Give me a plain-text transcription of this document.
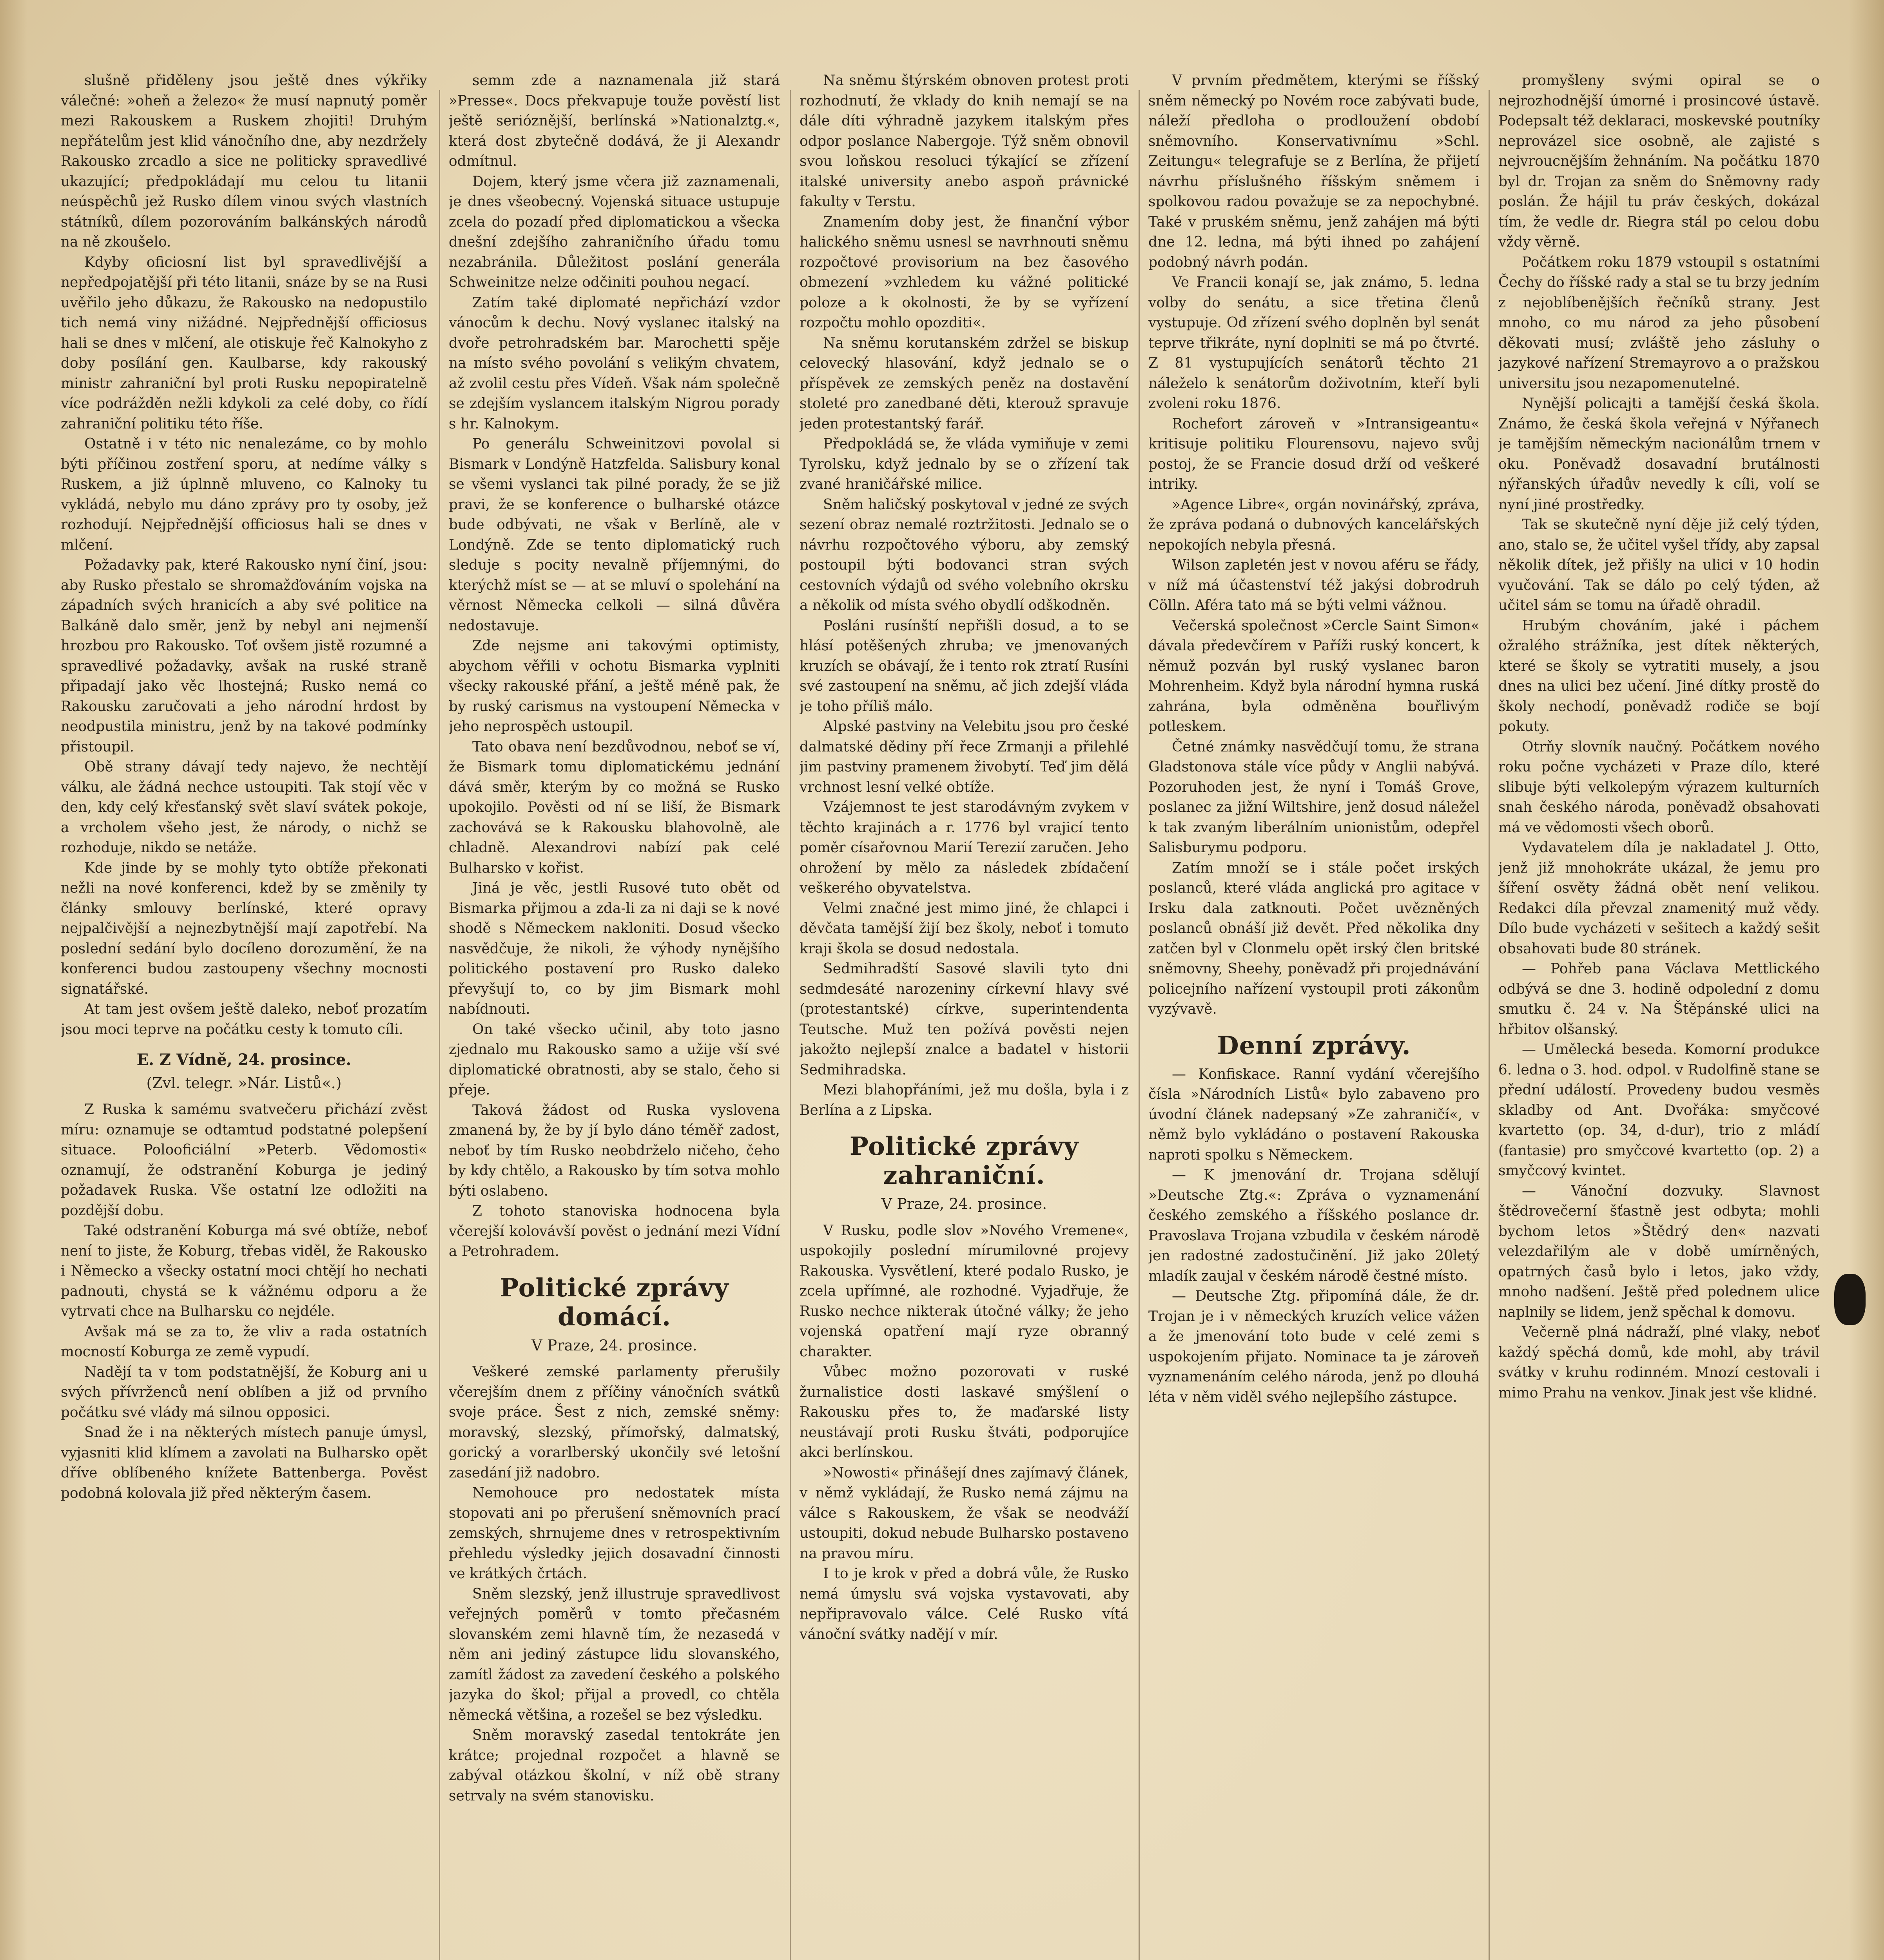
slušně přiděleny jsou ještě dnes výkřiky válečné: »oheň a železo« že musí napnutý poměr mezi Rakouskem a Ruskem zhojiti! Druhým nepřátelům jest klid vánočního dne, aby nezdržely Rakousko zrcadlo a sice ne politicky spravedlivé ukazující; předpokládají mu celou tu litanii neúspěchů jež Rusko dílem vinou svých vlastních státníků, dílem pozorováním balkánských národů na ně zkoušelo.

Kdyby oficiosní list byl spravedlivější a nepředpojatější při této litanii, snáze by se na Rusi uvěřilo jeho důkazu, že Rakousko na nedopustilo tich nemá viny nižádné. Nejpřednější officiosus hali se dnes v mlčení, ale otiskuje řeč Kalnokyho z doby posílání gen. Kaulbarse, kdy rakouský ministr zahraniční byl proti Rusku nepopiratelně více podrážděn nežli kdykoli za celé doby, co řídí zahraniční politiku této říše.

Ostatně i v této nic nenalezáme, co by mohlo býti příčinou zostření sporu, at nedíme války s Ruskem, a již úplnně mluveno, co Kalnoky tu vykládá, nebylo mu dáno zprávy pro ty osoby, jež rozhodují. Nejpřednější officiosus hali se dnes v mlčení.

Požadavky pak, které Rakousko nyní činí, jsou: aby Rusko přestalo se shromažďováním vojska na západních svých hranicích a aby své politice na Balkáně dalo směr, jenž by nebyl ani nejmenší hrozbou pro Rakousko. Toť ovšem jistě rozumné a spravedlivé požadavky, avšak na ruské straně připadají jako věc lhostejná; Rusko nemá co Rakousku zaručovati a jeho národní hrdost by neodpustila ministru, jenž by na takové podmínky přistoupil.

Obě strany dávají tedy najevo, že nechtějí válku, ale žádná nechce ustoupiti. Tak stojí věc v den, kdy celý křesťanský svět slaví svátek pokoje, a vrcholem všeho jest, že národy, o nichž se rozhoduje, nikdo se netáže.

Kde jinde by se mohly tyto obtíže překonati nežli na nové konferenci, kdež by se změnily ty články smlouvy berlínské, které opravy nejpalčivější a nejnezbytnější mají zapotřebí. Na poslední sedání bylo docíleno dorozumění, že na konferenci budou zastoupeny všechny mocnosti signatářské.

At tam jest ovšem ještě daleko, neboť prozatím jsou moci teprve na počátku cesty k tomuto cíli.

E. Z Vídně, 24. prosince.
(Zvl. telegr. »Nár. Listů«.)

Z Ruska k samému svatvečeru přichází zvěst míru: oznamuje se odtamtud podstatné polepšení situace. Polooficiální »Peterb. Vědomosti« oznamují, že odstranění Koburga je jediný požadavek Ruska. Vše ostatní lze odložiti na pozdější dobu.

Také odstranění Koburga má své obtíže, neboť není to jiste, že Koburg, třebas viděl, že Rakousko i Německo a všecky ostatní moci chtějí ho nechati padnouti, chystá se k vážnému odporu a že vytrvati chce na Bulharsku co nejdéle.

Avšak má se za to, že vliv a rada ostatních mocností Koburga ze země vypudí.

Nadějí ta v tom podstatnější, že Koburg ani u svých přívrženců není oblíben a již od prvního počátku své vlády má silnou opposici.

Snad že i na některých místech panuje úmysl, vyjasniti klid klímem a zavolati na Bulharsko opět dříve oblíbeného knížete Battenberga. Pověst podobná kolovala již před některým časem.

semm zde a naznamenala již stará »Presse«. Docs překvapuje touže pověstí list ještě serióznější, berlínská »Nationalztg.«, která dost zbytečně dodává, že ji Alexandr odmítnul.

Dojem, který jsme včera již zaznamenali, je dnes všeobecný. Vojenská situace ustupuje zcela do pozadí před diplomatickou a všecka dnešní zdejšího zahraničního úřadu tomu nezabránila. Důležitost poslání generála Schweinitze nelze odčiniti pouhou negací.

Zatím také diplomaté nepřichází vzdor vánocům k dechu. Nový vyslanec italský na dvoře petrohradském bar. Marochetti spěje na místo svého povolání s velikým chvatem, až zvolil cestu přes Vídeň. Však nám společně se zdejším vyslancem italským Nigrou porady s hr. Kalnokym.

Po generálu Schweinitzovi povolal si Bismark v Londýně Hatzfelda. Salisbury konal se všemi vyslanci tak pilné porady, že se již pravi, že se konference o bulharské otázce bude odbývati, ne však v Berlíně, ale v Londýně. Zde se tento diplomatický ruch sleduje s pocity nevalně příjemnými, do kterýchž míst se — at se mluví o spolehání na věrnost Německa celkoli — silná důvěra nedostavuje.

Zde nejsme ani takovými optimisty, abychom věřili v ochotu Bismarka vyplniti všecky rakouské přání, a ještě méně pak, že by ruský carismus na vystoupení Německa v jeho neprospěch ustoupil.

Tato obava není bezdůvodnou, neboť se ví, že Bismark tomu diplomatickému jednání dává směr, kterým by co možná se Rusko upokojilo. Pověsti od ní se liší, že Bismark zachovává se k Rakousku blahovolně, ale chladně. Alexandrovi nabízí pak celé Bulharsko v kořist.

Jiná je věc, jestli Rusové tuto obět od Bismarka přijmou a zda-li za ni daji se k nové shodě s Německem nakloniti. Dosud všecko nasvědčuje, že nikoli, že výhody nynějšího politického postavení pro Rusko daleko převyšují to, co by jim Bismark mohl nabídnouti.

On také všecko učinil, aby toto jasno zjednalo mu Rakousko samo a užije vší své diplomatické obratnosti, aby se stalo, čeho si přeje.

Taková žádost od Ruska vyslovena zmanená by, že by jí bylo dáno téměř zadost, neboť by tím Rusko neobdrželo ničeho, čeho by kdy chtělo, a Rakousko by tím sotva mohlo býti oslabeno.

Z tohoto stanoviska hodnocena byla včerejší kolovávší pověst o jednání mezi Vídní a Petrohradem.

Politické zprávy domácí.
V Praze, 24. prosince.

Veškeré zemské parlamenty přerušily včerejším dnem z příčiny vánočních svátků svoje práce. Šest z nich, zemské sněmy: moravský, slezský, přímořský, dalmatský, gorický a vorarlberský ukončily své letošní zasedání již nadobro.

Nemohouce pro nedostatek místa stopovati ani po přerušení sněmovních prací zemských, shrnujeme dnes v retrospektivním přehledu výsledky jejich dosavadní činnosti ve krátkých črtách.

Sněm slezský, jenž illustruje spravedlivost veřejných poměrů v tomto přečasném slovanském zemi hlavně tím, že nezasedá v něm ani jediný zástupce lidu slovanského, zamítl žádost za zavedení českého a polského jazyka do škol; přijal a provedl, co chtěla německá většina, a rozešel se bez výsledku.

Sněm moravský zasedal tentokráte jen krátce; projednal rozpočet a hlavně se zabýval otázkou školní, v níž obě strany setrvaly na svém stanovisku.

Na sněmu štýrském obnoven protest proti rozhodnutí, že vklady do knih nemají se na dále díti výhradně jazykem italským přes odpor poslance Nabergoje. Týž sněm obnovil svou loňskou resoluci týkající se zřízení italské university anebo aspoň právnické fakulty v Terstu.

Znamením doby jest, že finanční výbor halického sněmu usnesl se navrhnouti sněmu rozpočtové provisorium na bez časového obmezení »vzhledem ku vážné politické poloze a k okolnosti, že by se vyřízení rozpočtu mohlo opozditi«.

Na sněmu korutanském zdržel se biskup celovecký hlasování, když jednalo se o příspěvek ze zemských peněz na dostavění stoleté pro zanedbané děti, kterouž spravuje jeden protestantský farář.

Předpokládá se, že vláda vymiňuje v zemi Tyrolsku, když jednalo by se o zřízení tak zvané hraničářské milice.

Sněm haličský poskytoval v jedné ze svých sezení obraz nemalé roztržitosti. Jednalo se o návrhu rozpočtového výboru, aby zemský postoupil býti bodovanci stran svých cestovních výdajů od svého volebního okrsku a několik od místa svého obydlí odškodněn.

Posláni rusínští nepřišli dosud, a to se hlásí potěšených zhruba; ve jmenovaných kruzích se obávají, že i tento rok ztratí Rusíni své zastoupení na sněmu, ač jich zdejší vláda je toho příliš málo.

Alpské pastviny na Velebitu jsou pro české dalmatské dědiny pří řece Zrmanji a přilehlé jim pastviny pramenem živobytí. Teď jim dělá vrchnost lesní velké obtíže.

Vzájemnost te jest starodávným zvykem v těchto krajinách a r. 1776 byl vrajicí tento poměr císařovnou Marií Terezií zaručen. Jeho ohrožení by mělo za následek zbídačení veškerého obyvatelstva.

Velmi značné jest mimo jiné, že chlapci i děvčata tamější žijí bez školy, neboť i tomuto kraji škola se dosud nedostala.

Sedmihradští Sasové slavili tyto dni sedmdesáté narozeniny církevní hlavy své (protestantské) církve, superintendenta Teutsche. Muž ten požívá pověsti nejen jakožto nejlepší znalce a badatel v historii Sedmihradska.

Mezi blahopřáními, jež mu došla, byla i z Berlína a z Lipska.

Politické zprávy zahraniční.
V Praze, 24. prosince.

V Rusku, podle slov »Nového Vremene«, uspokojily poslední mírumilovné projevy Rakouska. Vysvětlení, které podalo Rusko, je zcela upřímné, ale rozhodné. Vyjadřuje, že Rusko nechce nikterak útočné války; že jeho vojenská opatření mají ryze obranný charakter.

Vůbec možno pozorovati v ruské žurnalistice dosti laskavé smýšlení o Rakousku přes to, že maďarské listy neustávají proti Rusku štváti, podporujíce akci berlínskou.

»Nowosti« přinášejí dnes zajímavý článek, v němž vykládají, že Rusko nemá zájmu na válce s Rakouskem, že však se neodváží ustoupiti, dokud nebude Bulharsko postaveno na pravou míru.

I to je krok v před a dobrá vůle, že Rusko nemá úmyslu svá vojska vystavovati, aby nepřipravovalo válce. Celé Rusko vítá vánoční svátky nadějí v mír.

V prvním předmětem, kterými se říšský sněm německý po Novém roce zabývati bude, náleží předloha o prodloužení období sněmovního. Konservativnímu »Schl. Zeitungu« telegrafuje se z Berlína, že přijetí návrhu příslušného říšským sněmem i spolkovou radou považuje se za nepochybné. Také v pruském sněmu, jenž zahájen má býti dne 12. ledna, má býti ihned po zahájení podobný návrh podán.

Ve Francii konají se, jak známo, 5. ledna volby do senátu, a sice třetina členů vystupuje. Od zřízení svého doplněn byl senát teprve třikráte, nyní doplniti se má po čtvrté. Z 81 vystupujících senátorů těchto 21 náleželo k senátorům doživotním, kteří byli zvoleni roku 1876.

Rochefort zároveň v »Intransigeantu« kritisuje politiku Flourensovu, najevo svůj postoj, že se Francie dosud drží od veškeré intriky.

»Agence Libre«, orgán novinářský, zpráva, že zpráva podaná o dubnových kancelářských nepokojích nebyla přesná.

Wilson zapletén jest v novou aféru se řády, v níž má účastenství též jakýsi dobrodruh Cölln. Aféra tato má se býti velmi vážnou.

Večerská společnost »Cercle Saint Simon« dávala předevčírem v Paříži ruský koncert, k němuž pozván byl ruský vyslanec baron Mohrenheim. Když byla národní hymna ruská zahrána, byla odměněna bouřlivým potleskem.

Četné známky nasvědčují tomu, že strana Gladstonova stále více půdy v Anglii nabývá. Pozoruhoden jest, že nyní i Tomáš Grove, poslanec za jižní Wiltshire, jenž dosud náležel k tak zvaným liberálním unionistům, odepřel Salisburymu podporu.

Zatím množí se i stále počet irských poslanců, které vláda anglická pro agitace v Irsku dala zatknouti. Počet uvězněných poslanců obnáší již devět. Před několika dny zatčen byl v Clonmelu opět irský člen britské sněmovny, Sheehy, poněvadž při projednávání policejního nařízení vystoupil proti zákonům vyzývavě.

Denní zprávy.

— Konfiskace. Ranní vydání včerejšího čísla »Národních Listů« bylo zabaveno pro úvodní článek nadepsaný »Ze zahraničí«, v němž bylo vykládáno o postavení Rakouska naproti spolku s Německem.

— K jmenování dr. Trojana sdělují »Deutsche Ztg.«: Zpráva o vyznamenání českého zemského a říšského poslance dr. Pravoslava Trojana vzbudila v českém národě jen radostné zadostučinění. Již jako 20letý mladík zaujal v českém národě čestné místo.

— Deutsche Ztg. připomíná dále, že dr. Trojan je i v německých kruzích velice vážen a že jmenování toto bude v celé zemi s uspokojením přijato. Nominace ta je zároveň vyznamenáním celého národa, jenž po dlouhá léta v něm viděl svého nejlepšího zástupce.

promyšleny svými opiral se o nejrozhodnější úmorné i prosincové ústavě. Podepsalt též deklaraci, moskevské poutníky neprovázel sice osobně, ale zajisté s nejvroucnějším žehnáním. Na počátku 1870 byl dr. Trojan za sněm do Sněmovny rady poslán. Že hájil tu práv českých, dokázal tím, že vedle dr. Riegra stál po celou dobu vždy věrně.

Počátkem roku 1879 vstoupil s ostatními Čechy do říšské rady a stal se tu brzy jedním z nejoblíbenějších řečníků strany. Jest mnoho, co mu národ za jeho působení děkovati musí; zvláště jeho zásluhy o jazykové nařízení Stremayrovo a o pražskou universitu jsou nezapomenutelné.

Nynější policajti a tamější česká škola. Známo, že česká škola veřejná v Nýřanech je tamějším německým nacionálům trnem v oku. Poněvadž dosavadní brutálnosti nýřanských úřadův nevedly k cíli, volí se nyní jiné prostředky.

Tak se skutečně nyní děje již celý týden, ano, stalo se, že učitel vyšel třídy, aby zapsal několik dítek, jež přišly na ulici v 10 hodin vyučování. Tak se dálo po celý týden, až učitel sám se tomu na úřadě ohradil.

Hrubým chováním, jaké i páchem ožralého strážníka, jest dítek některých, které se školy se vytratiti musely, a jsou dnes na ulici bez učení. Jiné dítky prostě do školy nechodí, poněvadž rodiče se bojí pokuty.

Otrňy slovník naučný. Počátkem nového roku počne vycházeti v Praze dílo, které slibuje býti velkolepým výrazem kulturních snah českého národa, poněvadž obsahovati má ve vědomosti všech oborů.

Vydavatelem díla je nakladatel J. Otto, jenž již mnohokráte ukázal, že jemu pro šíření osvěty žádná obět není velikou. Redakci díla převzal znamenitý muž vědy. Dílo bude vycházeti v sešitech a každý sešit obsahovati bude 80 stránek.

— Pohřeb pana Václava Mettlického odbývá se dne 3. hodině odpolední z domu smutku č. 24 v. Na Štěpánské ulici na hřbitov olšanský.

— Umělecká beseda. Komorní produkce 6. ledna o 3. hod. odpol. v Rudolfině stane se přední událostí. Provedeny budou vesměs skladby od Ant. Dvořáka: smyčcové kvartetto (op. 34, d-dur), trio z mládí (fantasie) pro smyčcové kvartetto (op. 2) a smyčcový kvintet.

— Vánoční dozvuky. Slavnost štědrovečerní šťastně jest odbyta; mohli bychom letos »Štědrý den« nazvati velezdařilým ale v době umírněných, opatrných časů bylo i letos, jako vždy, mnoho nadšení. Ještě před polednem ulice naplnily se lidem, jenž spěchal k domovu.

Večerně plná nádraží, plné vlaky, neboť každý spěchá domů, kde mohl, aby trávil svátky v kruhu rodinném. Mnozí cestovali i mimo Prahu na venkov. Jinak jest vše klidné.
